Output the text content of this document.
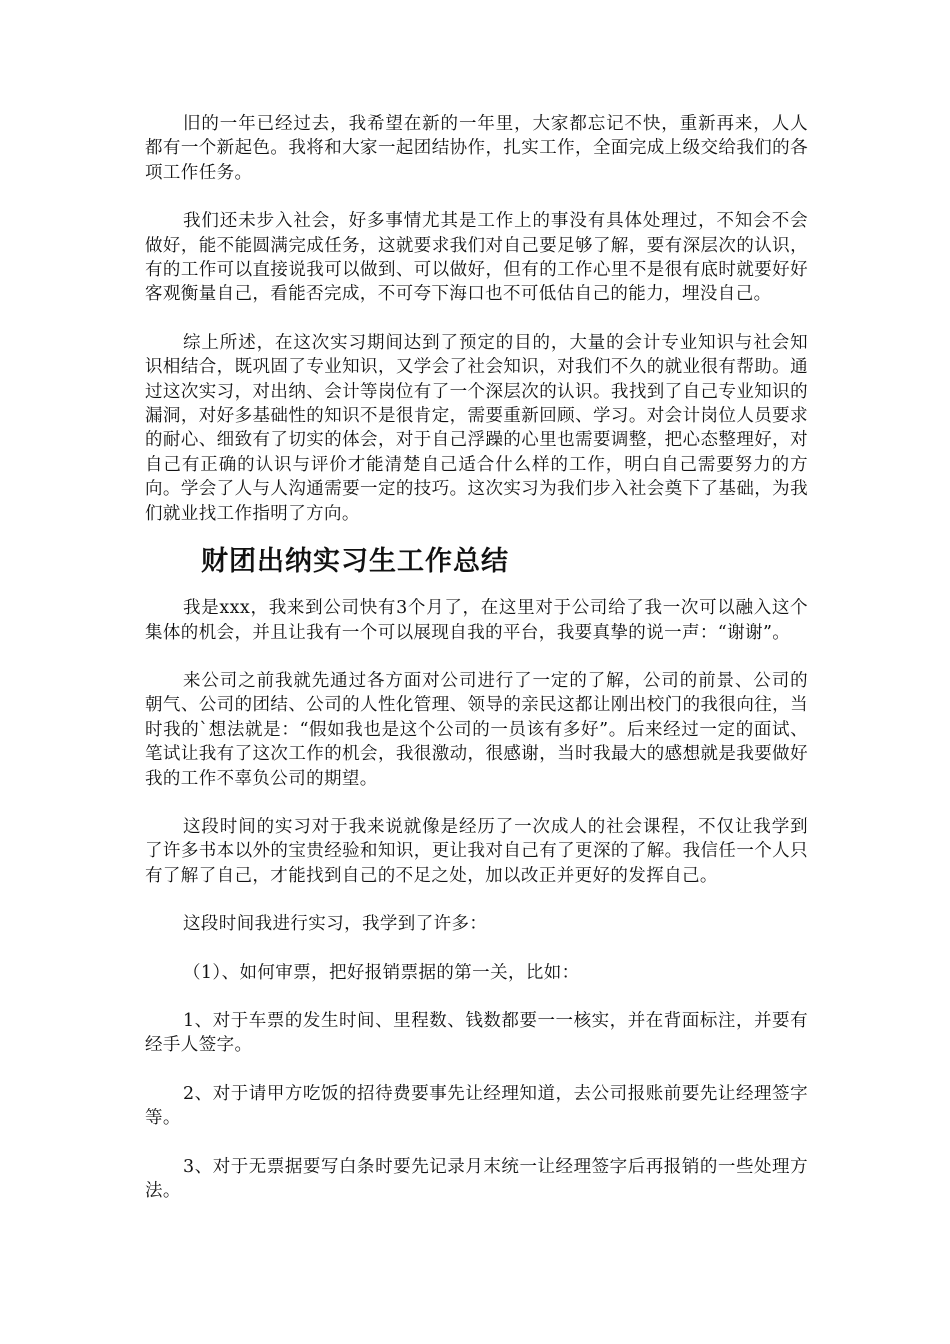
旧的一年已经过去，我希望在新的一年里，大家都忘记不快，重新再来，人人都有一个新起色。我将和大家一起团结协作，扎实工作，全面完成上级交给我们的各项工作任务。

我们还未步入社会，好多事情尤其是工作上的事没有具体处理过，不知会不会做好，能不能圆满完成任务，这就要求我们对自己要足够了解，要有深层次的认识，有的工作可以直接说我可以做到、可以做好，但有的工作心里不是很有底时就要好好客观衡量自己，看能否完成，不可夸下海口也不可低估自己的能力，埋没自己。

综上所述，在这次实习期间达到了预定的目的，大量的会计专业知识与社会知识相结合，既巩固了专业知识，又学会了社会知识，对我们不久的就业很有帮助。通过这次实习，对出纳、会计等岗位有了一个深层次的认识。我找到了自己专业知识的漏洞，对好多基础性的知识不是很肯定，需要重新回顾、学习。对会计岗位人员要求的耐心、细致有了切实的体会，对于自己浮躁的心里也需要调整，把心态整理好，对自己有正确的认识与评价才能清楚自己适合什么样的工作，明白自己需要努力的方向。学会了人与人沟通需要一定的技巧。这次实习为我们步入社会奠下了基础，为我们就业找工作指明了方向。

财团出纳实习生工作总结

我是xxx，我来到公司快有3个月了，在这里对于公司给了我一次可以融入这个集体的机会，并且让我有一个可以展现自我的平台，我要真挚的说一声：“谢谢”。

来公司之前我就先通过各方面对公司进行了一定的了解，公司的前景、公司的朝气、公司的团结、公司的人性化管理、领导的亲民这都让刚出校门的我很向往，当时我的`想法就是：“假如我也是这个公司的一员该有多好”。后来经过一定的面试、笔试让我有了这次工作的机会，我很激动，很感谢，当时我最大的感想就是我要做好我的工作不辜负公司的期望。

这段时间的实习对于我来说就像是经历了一次成人的社会课程，不仅让我学到了许多书本以外的宝贵经验和知识，更让我对自己有了更深的了解。我信任一个人只有了解了自己，才能找到自己的不足之处，加以改正并更好的发挥自己。

这段时间我进行实习，我学到了许多：

（1）、如何审票，把好报销票据的第一关，比如：

1、对于车票的发生时间、里程数、钱数都要一一核实，并在背面标注，并要有经手人签字。

2、对于请甲方吃饭的招待费要事先让经理知道，去公司报账前要先让经理签字等。

3、对于无票据要写白条时要先记录月末统一让经理签字后再报销的一些处理方法。
